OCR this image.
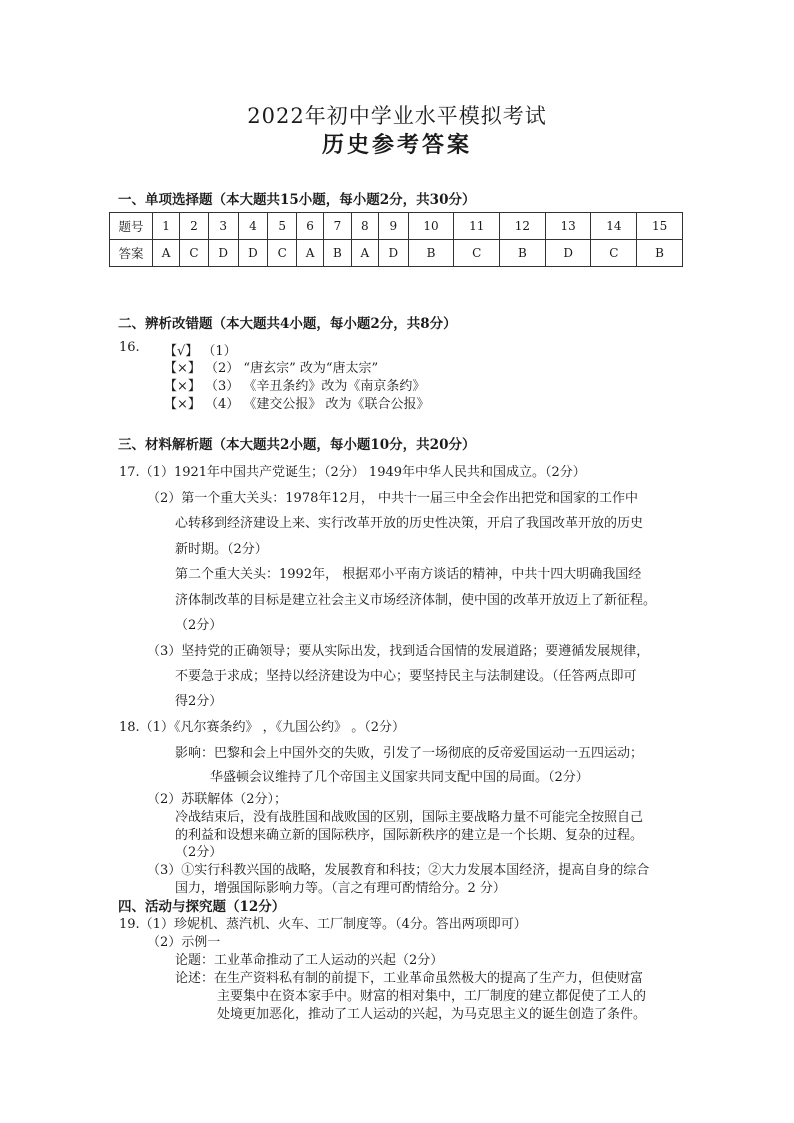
2022年初中学业水平模拟考试
历史参考答案
一、单项选择题（本大题共15小题，每小题2分，共30分）
题号	1	2	3	4	5	6	7	8	9	10	11	12	13	14	15
答案	A	C	D	D	C	A	B	A	D	B	C	B	D	C	B
二、辨析改错题（本大题共4小题，每小题2分，共8分）
16. 【√】 （1）
【×】 （2） “唐玄宗” 改为“唐太宗”
【×】 （3） 《辛丑条约》改为《南京条约》
【×】 （4） 《建交公报》 改为《联合公报》
三、材料解析题（本大题共2小题，每小题10分，共20分）
17.（1）1921年中国共产党诞生；（2分） 1949年中华人民共和国成立。（2分）
（2）第一个重大关头：1978年12月， 中共十一届三中全会作出把党和国家的工作中
心转移到经济建设上来、实行改革开放的历史性决策，开启了我国改革开放的历史
新时期。（2分）
第二个重大关头：1992年， 根据邓小平南方谈话的精神，中共十四大明确我国经
济体制改革的目标是建立社会主义市场经济体制，使中国的改革开放迈上了新征程。
（2分）
（3）坚持党的正确领导；要从实际出发，找到适合国情的发展道路；要遵循发展规律，
不要急于求成；坚持以经济建设为中心；要坚持民主与法制建设。（任答两点即可
得2分）
18.（1）《凡尔赛条约》 ，《九国公约》 。（2分）
影响：巴黎和会上中国外交的失败，引发了一场彻底的反帝爱国运动一五四运动；
华盛顿会议维持了几个帝国主义国家共同支配中国的局面。（2分）
（2）苏联解体（2分）；
冷战结束后，没有战胜国和战败国的区别，国际主要战略力量不可能完全按照自己
的利益和设想来确立新的国际秩序，国际新秩序的建立是一个长期、复杂的过程。
（2分）
（3）①实行科教兴国的战略，发展教育和科技；②大力发展本国经济，提高自身的综合
国力，增强国际影响力等。（言之有理可酌情给分。2 分）
四、活动与探究题（12分）
19.（1）珍妮机、蒸汽机、火车、工厂制度等。（4分。答出两项即可）
（2）示例一
论题：工业革命推动了工人运动的兴起（2分）
论述：在生产资料私有制的前提下，工业革命虽然极大的提高了生产力，但使财富
主要集中在资本家手中。财富的相对集中，工厂制度的建立都促使了工人的
处境更加恶化，推动了工人运动的兴起，为马克思主义的诞生创造了条件。
